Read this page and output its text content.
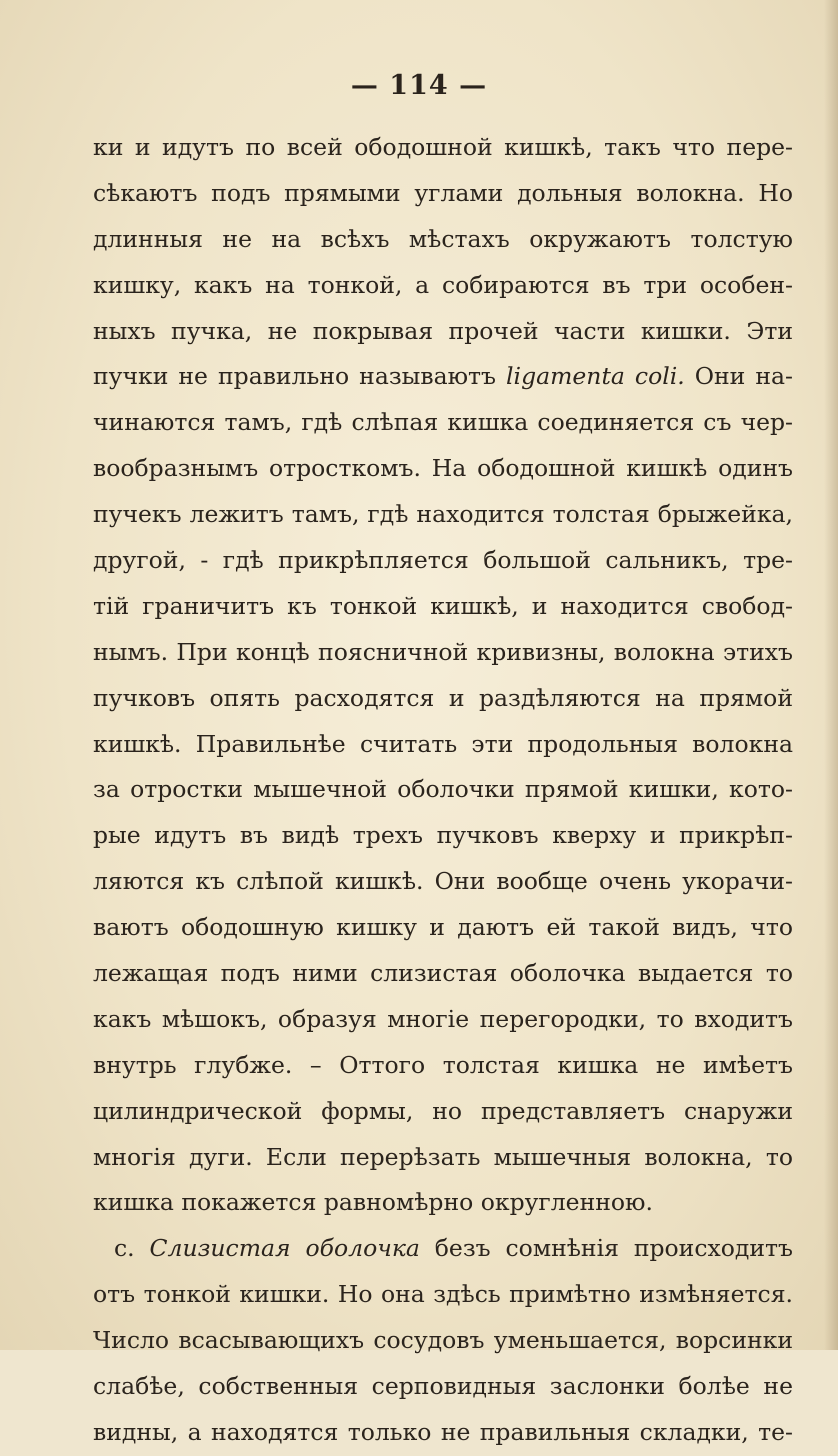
— 114 —
ки и идутъ по всей ободошной кишкѣ, такъ что пере-
сѣкаютъ подъ прямыми углами дольныя волокна. Но
длинныя не на всѣхъ мѣстахъ окружаютъ толстую
кишку, какъ на тонкой, а собираются въ три особен-
ныхъ пучка, не покрывая прочей части кишки. Эти
пучки не правильно называютъ ligamenta coli. Они на-
чинаются тамъ, гдѣ слѣпая кишка соединяется съ чер-
вообразнымъ отросткомъ. На ободошной кишкѣ одинъ
пучекъ лежитъ тамъ, гдѣ находится толстая брыжейка,
другой, - гдѣ прикрѣпляется большой сальникъ, тре-
тій граничитъ къ тонкой кишкѣ, и находится свобод-
нымъ. При концѣ поясничной кривизны, волокна этихъ
пучковъ опять расходятся и раздѣляются на прямой
кишкѣ. Правильнѣе считать эти продольныя волокна
за отростки мышечной оболочки прямой кишки, кото-
рые идутъ въ видѣ трехъ пучковъ кверху и прикрѣп-
ляются къ слѣпой кишкѣ. Они вообще очень укорачи-
ваютъ ободошную кишку и даютъ ей такой видъ, что
лежащая подъ ними слизистая оболочка выдается то
какъ мѣшокъ, образуя многіе перегородки, то входитъ
внутрь глубже. – Оттого толстая кишка не имѣетъ
цилиндрической формы, но представляетъ снаружи
многія дуги. Если перерѣзать мышечныя волокна, то
кишка покажется равномѣрно округленною.
с. Слизистая оболочка безъ сомнѣнія происходитъ
отъ тонкой кишки. Но она здѣсь примѣтно измѣняется.
Число всасывающихъ сосудовъ уменьшается, ворсинки
слабѣе, собственныя серповидныя заслонки болѣе не
видны, а находятся только не правильныя складки, те-
